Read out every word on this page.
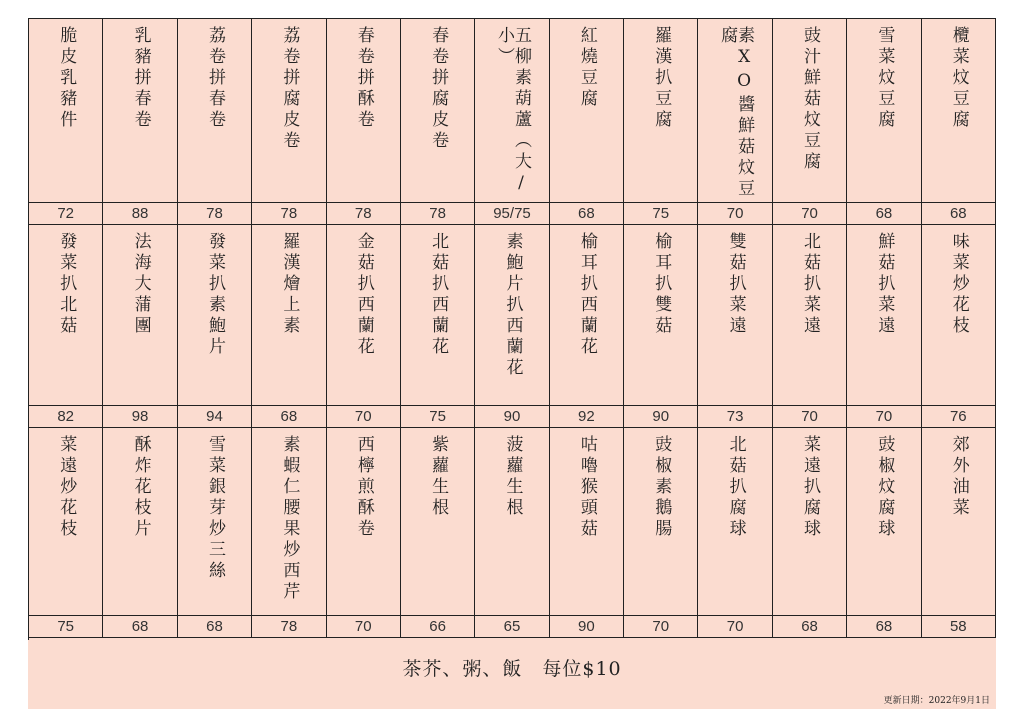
脆皮乳豬件	乳豬拼春卷	荔卷拼春卷	荔卷拼腐皮卷	春卷拼酥卷	春卷拼腐皮卷	五柳素葫蘆（大/小）	紅燒豆腐	羅漢扒豆腐	素XO醬鮮菇炆豆腐	豉汁鮮菇炆豆腐	雪菜炆豆腐	欖菜炆豆腐
72	88	78	78	78	78	95/75	68	75	70	70	68	68
發菜扒北菇	法海大蒲團	發菜扒素鮑片	羅漢燴上素	金菇扒西蘭花	北菇扒西蘭花	素鮑片扒西蘭花	榆耳扒西蘭花	榆耳扒雙菇	雙菇扒菜遠	北菇扒菜遠	鮮菇扒菜遠	味菜炒花枝
82	98	94	68	70	75	90	92	90	73	70	70	76
菜遠炒花枝	酥炸花枝片	雪菜銀芽炒三絲	素蝦仁腰果炒西芹	西檸煎酥卷	紫蘿生根	菠蘿生根	咕嚕猴頭菇	豉椒素鵝腸	北菇扒腐球	菜遠扒腐球	豉椒炆腐球	郊外油菜
75	68	68	78	70	66	65	90	70	70	68	68	58
茶芥、粥、飯　每位$10
更新日期：2022年9月1日
